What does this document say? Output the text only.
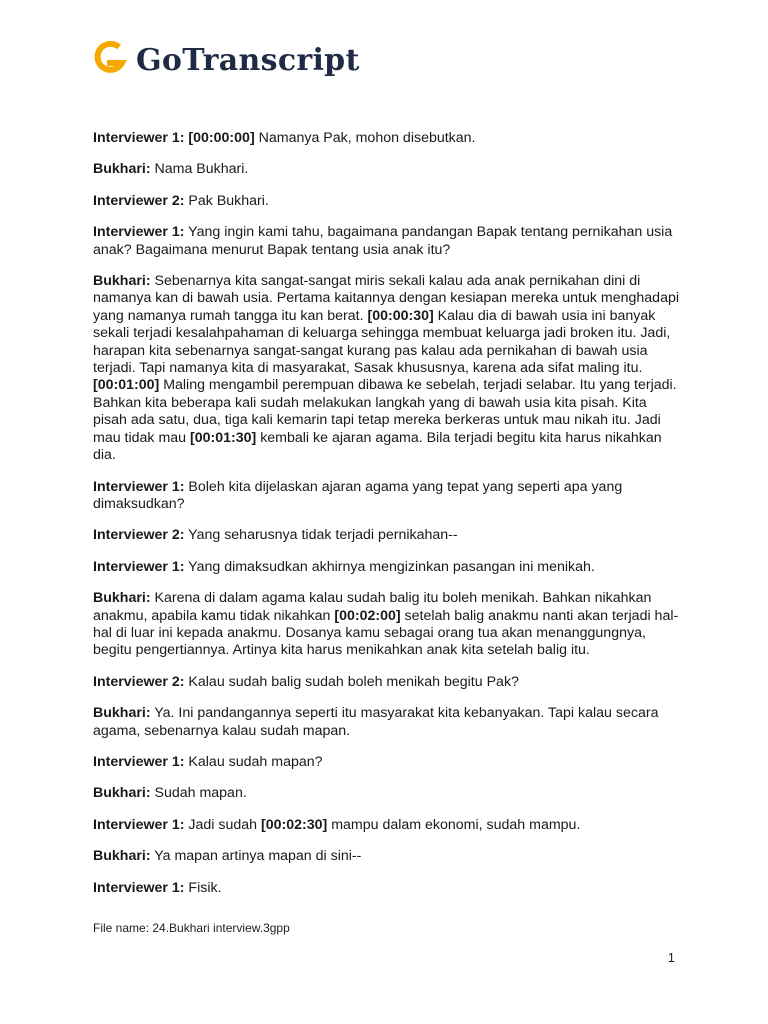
GoTranscript

Interviewer 1: [00:00:00] Namanya Pak, mohon disebutkan.

Bukhari: Nama Bukhari.

Interviewer 2: Pak Bukhari.

Interviewer 1: Yang ingin kami tahu, bagaimana pandangan Bapak tentang pernikahan usia anak? Bagaimana menurut Bapak tentang usia anak itu?

Bukhari: Sebenarnya kita sangat-sangat miris sekali kalau ada anak pernikahan dini di namanya kan di bawah usia. Pertama kaitannya dengan kesiapan mereka untuk menghadapi yang namanya rumah tangga itu kan berat. [00:00:30] Kalau dia di bawah usia ini banyak sekali terjadi kesalahpahaman di keluarga sehingga membuat keluarga jadi broken itu. Jadi, harapan kita sebenarnya sangat-sangat kurang pas kalau ada pernikahan di bawah usia terjadi. Tapi namanya kita di masyarakat, Sasak khususnya, karena ada sifat maling itu. [00:01:00] Maling mengambil perempuan dibawa ke sebelah, terjadi selabar. Itu yang terjadi. Bahkan kita beberapa kali sudah melakukan langkah yang di bawah usia kita pisah. Kita pisah ada satu, dua, tiga kali kemarin tapi tetap mereka berkeras untuk mau nikah itu. Jadi mau tidak mau [00:01:30] kembali ke ajaran agama. Bila terjadi begitu kita harus nikahkan dia.

Interviewer 1: Boleh kita dijelaskan ajaran agama yang tepat yang seperti apa yang dimaksudkan?

Interviewer 2: Yang seharusnya tidak terjadi pernikahan--

Interviewer 1: Yang dimaksudkan akhirnya mengizinkan pasangan ini menikah.

Bukhari: Karena di dalam agama kalau sudah balig itu boleh menikah. Bahkan nikahkan anakmu, apabila kamu tidak nikahkan [00:02:00] setelah balig anakmu nanti akan terjadi hal-hal di luar ini kepada anakmu. Dosanya kamu sebagai orang tua akan menanggungnya, begitu pengertiannya. Artinya kita harus menikahkan anak kita setelah balig itu.

Interviewer 2: Kalau sudah balig sudah boleh menikah begitu Pak?

Bukhari: Ya. Ini pandangannya seperti itu masyarakat kita kebanyakan. Tapi kalau secara agama, sebenarnya kalau sudah mapan.

Interviewer 1: Kalau sudah mapan?

Bukhari: Sudah mapan.

Interviewer 1: Jadi sudah [00:02:30] mampu dalam ekonomi, sudah mampu.

Bukhari: Ya mapan artinya mapan di sini--

Interviewer 1: Fisik.

File name: 24.Bukhari interview.3gpp
1
